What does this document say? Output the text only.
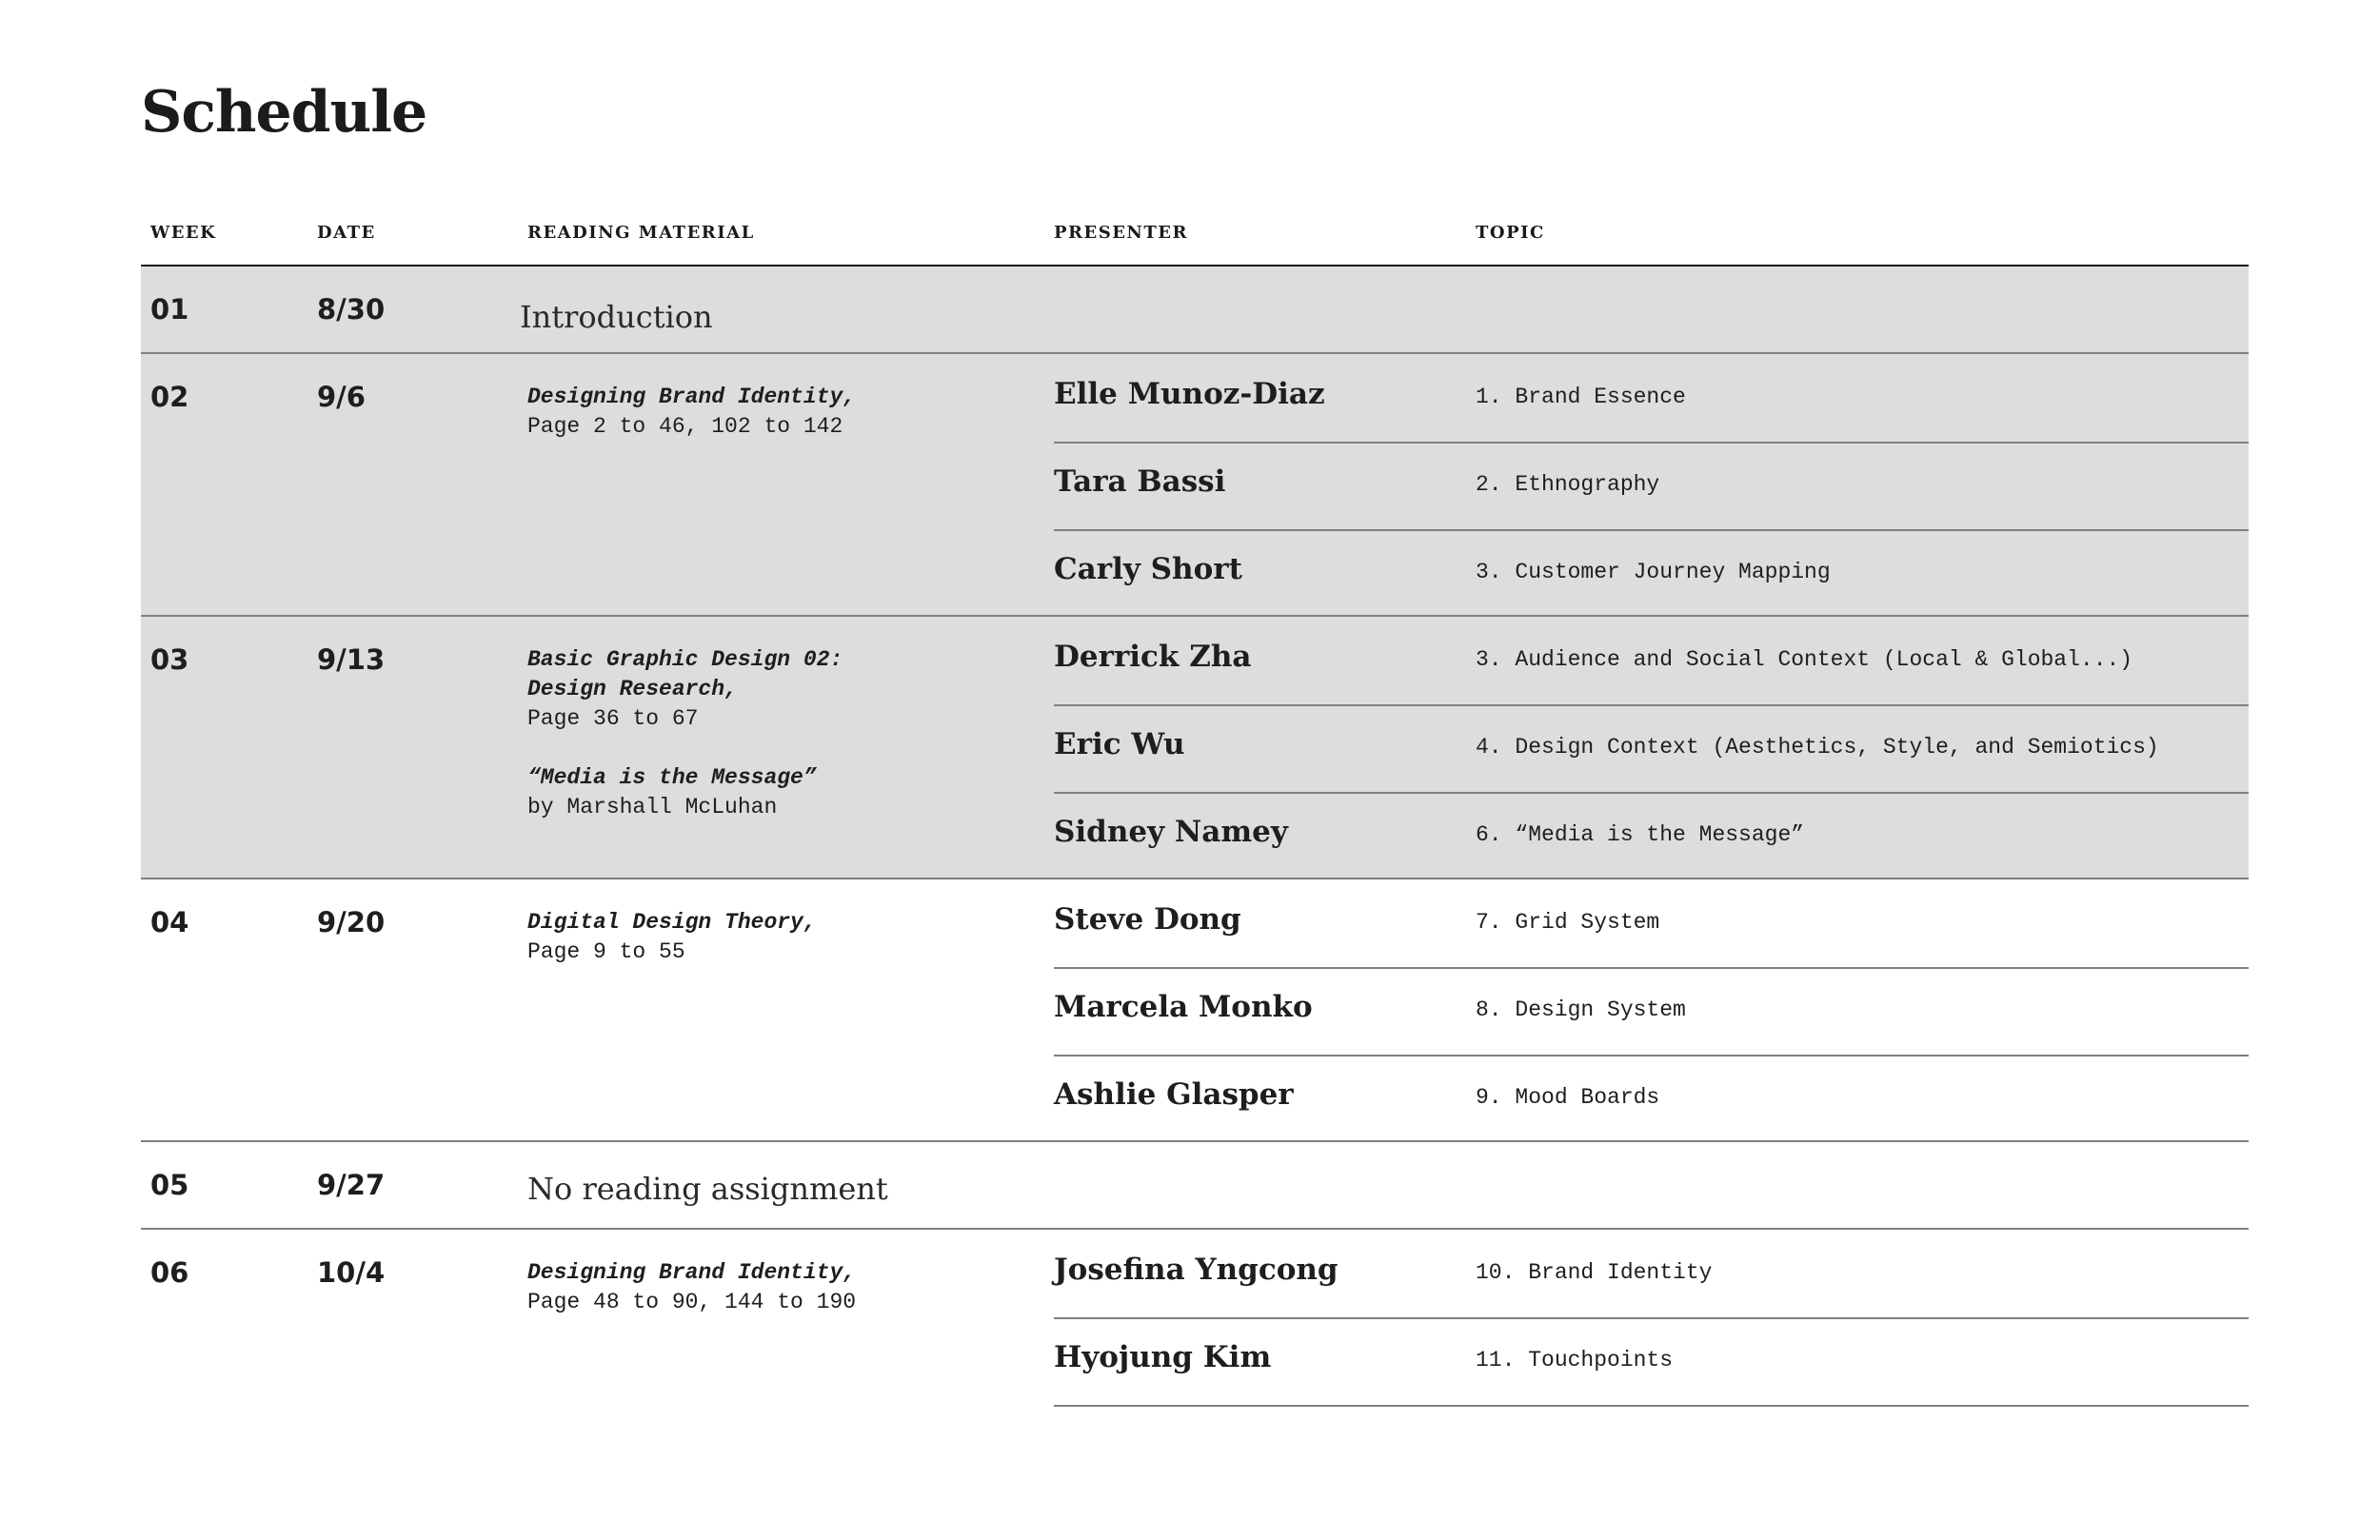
Schedule
WEEK	DATE	READING MATERIAL	PRESENTER	TOPIC
01	8/30	Introduction
02	9/6	Designing Brand Identity,
Page 2 to 46, 102 to 142
Elle Munoz-Diaz	1. Brand Essence
Tara Bassi	2. Ethnography
Carly Short	3. Customer Journey Mapping
03	9/13	Basic Graphic Design 02:
Design Research,
Page 36 to 67
“Media is the Message”
by Marshall McLuhan
Derrick Zha	3. Audience and Social Context (Local & Global...)
Eric Wu	4. Design Context (Aesthetics, Style, and Semiotics)
Sidney Namey	6. “Media is the Message”
04	9/20	Digital Design Theory,
Page 9 to 55
Steve Dong	7. Grid System
Marcela Monko	8. Design System
Ashlie Glasper	9. Mood Boards
05	9/27	No reading assignment
06	10/4	Designing Brand Identity,
Page 48 to 90, 144 to 190
Josefina Yngcong	10. Brand Identity
Hyojung Kim	11. Touchpoints
